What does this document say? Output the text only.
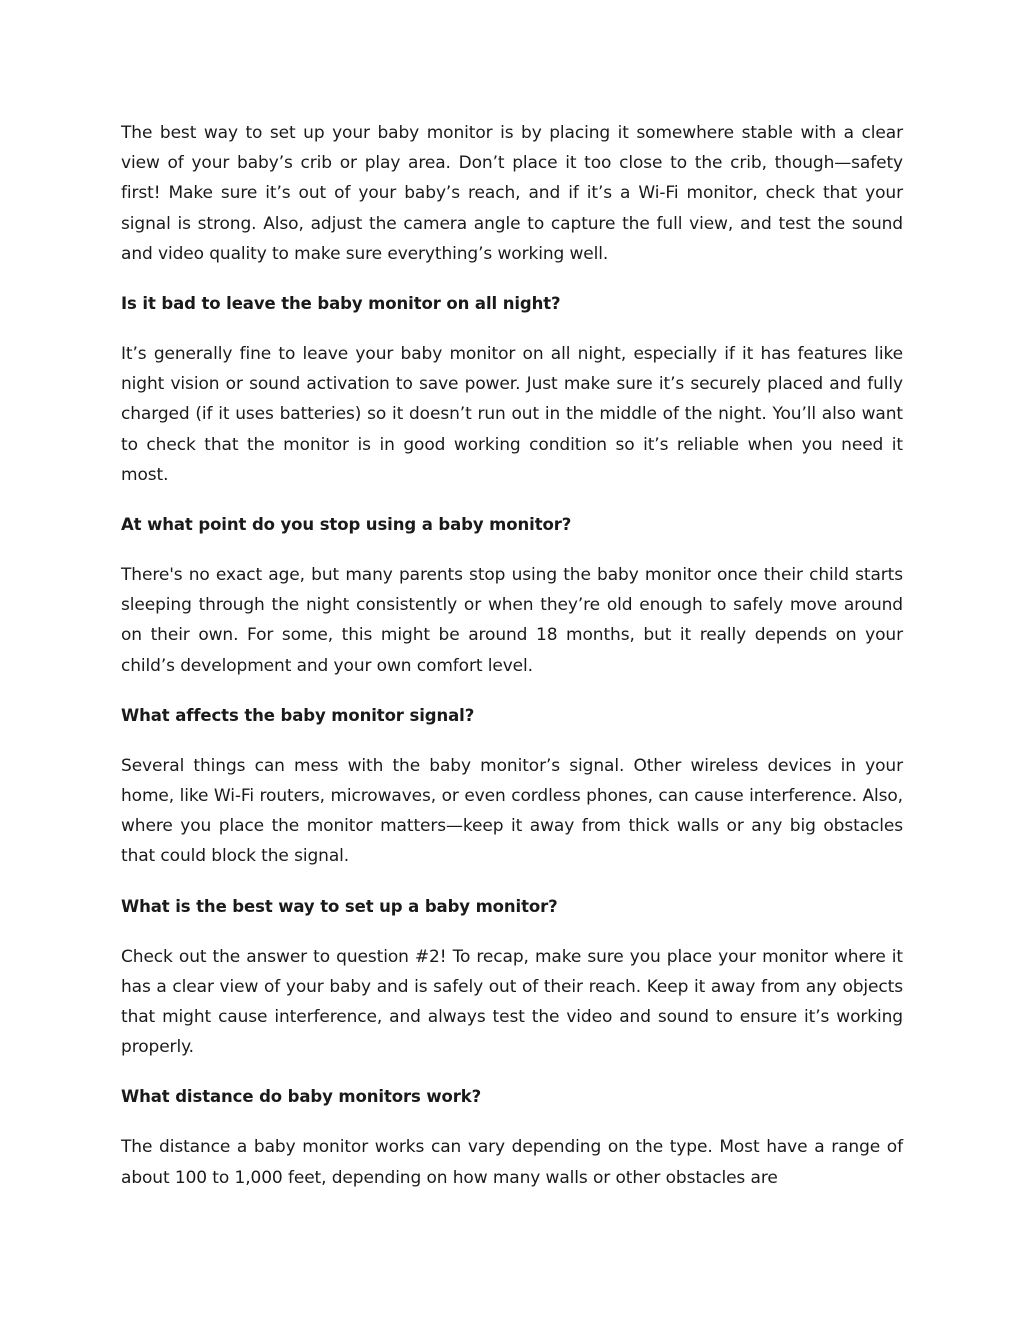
The best way to set up your baby monitor is by placing it somewhere stable with a clear view of your baby’s crib or play area. Don’t place it too close to the crib, though—safety first! Make sure it’s out of your baby’s reach, and if it’s a Wi-Fi monitor, check that your signal is strong. Also, adjust the camera angle to capture the full view, and test the sound and video quality to make sure everything’s working well.

Is it bad to leave the baby monitor on all night?

It’s generally fine to leave your baby monitor on all night, especially if it has features like night vision or sound activation to save power. Just make sure it’s securely placed and fully charged (if it uses batteries) so it doesn’t run out in the middle of the night. You’ll also want to check that the monitor is in good working condition so it’s reliable when you need it most.

At what point do you stop using a baby monitor?

There's no exact age, but many parents stop using the baby monitor once their child starts sleeping through the night consistently or when they’re old enough to safely move around on their own. For some, this might be around 18 months, but it really depends on your child’s development and your own comfort level.

What affects the baby monitor signal?

Several things can mess with the baby monitor’s signal. Other wireless devices in your home, like Wi-Fi routers, microwaves, or even cordless phones, can cause interference. Also, where you place the monitor matters—keep it away from thick walls or any big obstacles that could block the signal.

What is the best way to set up a baby monitor?

Check out the answer to question #2! To recap, make sure you place your monitor where it has a clear view of your baby and is safely out of their reach. Keep it away from any objects that might cause interference, and always test the video and sound to ensure it’s working properly.

What distance do baby monitors work?

The distance a baby monitor works can vary depending on the type. Most have a range of about 100 to 1,000 feet, depending on how many walls or other obstacles are
